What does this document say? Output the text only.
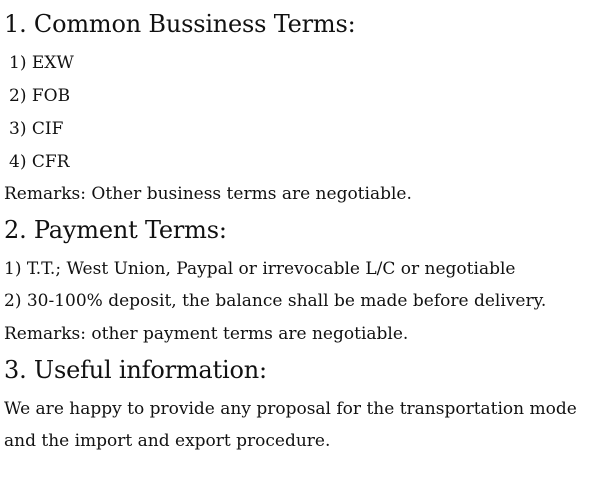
1. Common Bussiness Terms:
1) EXW
2) FOB
3) CIF
4) CFR
Remarks: Other business terms are negotiable.
2. Payment Terms:
1) T.T.; West Union, Paypal or irrevocable L/C or negotiable
2) 30-100% deposit, the balance shall be made before delivery.
Remarks: other payment terms are negotiable.
3. Useful information:
We are happy to provide any proposal for the transportation mode
and the import and export procedure.
